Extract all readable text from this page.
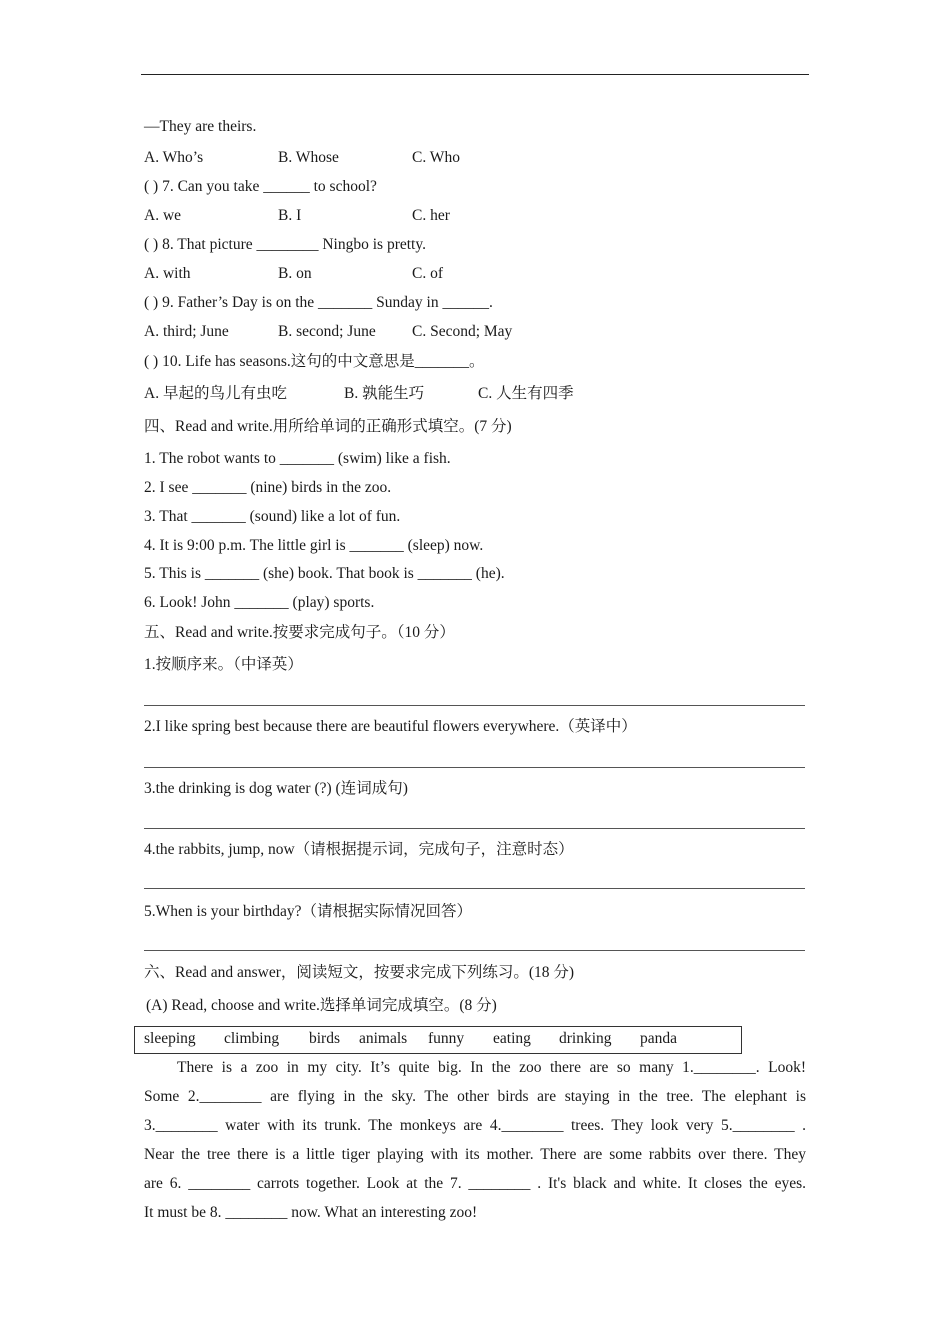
—They are theirs.
A. Who’s	B. Whose	C. Who
( ) 7. Can you take ______ to school?
A. we	B. I	C. her
( ) 8. That picture ________ Ningbo is pretty.
A. with	B. on	C. of
( ) 9. Father’s Day is on the _______ Sunday in ______.
A. third; June	B. second; June C. Second; May
( ) 10. Life has seasons.这句的中文意思是_______。
A. 早起的鸟儿有虫吃	B. 孰能生巧	C. 人生有四季
四、Read and write.用所给单词的正确形式填空。(7 分)
1. The robot wants to _______ (swim) like a fish.
2. I see _______ (nine) birds in the zoo.
3. That _______ (sound) like a lot of fun.
4. It is 9:00 p.m. The little girl is _______ (sleep) now.
5. This is _______ (she) book. That book is _______ (he).
6. Look! John _______ (play) sports.
五、Read and write.按要求完成句子。（10 分）
1.按顺序来。（中译英）
2.I like spring best because there are beautiful flowers everywhere.（英译中）
3.the drinking is dog water (?) (连词成句)
4.the rabbits, jump, now（请根据提示词，完成句子，注意时态）
5.When is your birthday?（请根据实际情况回答）
六、Read and answer，阅读短文，按要求完成下列练习。(18 分)
(A) Read, choose and write.选择单词完成填空。(8 分)
sleeping climbing birds animals funny eating drinking panda
There is a zoo in my city. It’s quite big. In the zoo there are so many 1.________. Look!
Some 2.________ are flying in the sky. The other birds are staying in the tree. The elephant is
3.________ water with its trunk. The monkeys are 4.________ trees. They look very 5.________ .
Near the tree there is a little tiger playing with its mother. There are some rabbits over there. They
are 6. ________ carrots together. Look at the 7. ________ . It's black and white. It closes the eyes.
It must be 8. ________ now. What an interesting zoo!
